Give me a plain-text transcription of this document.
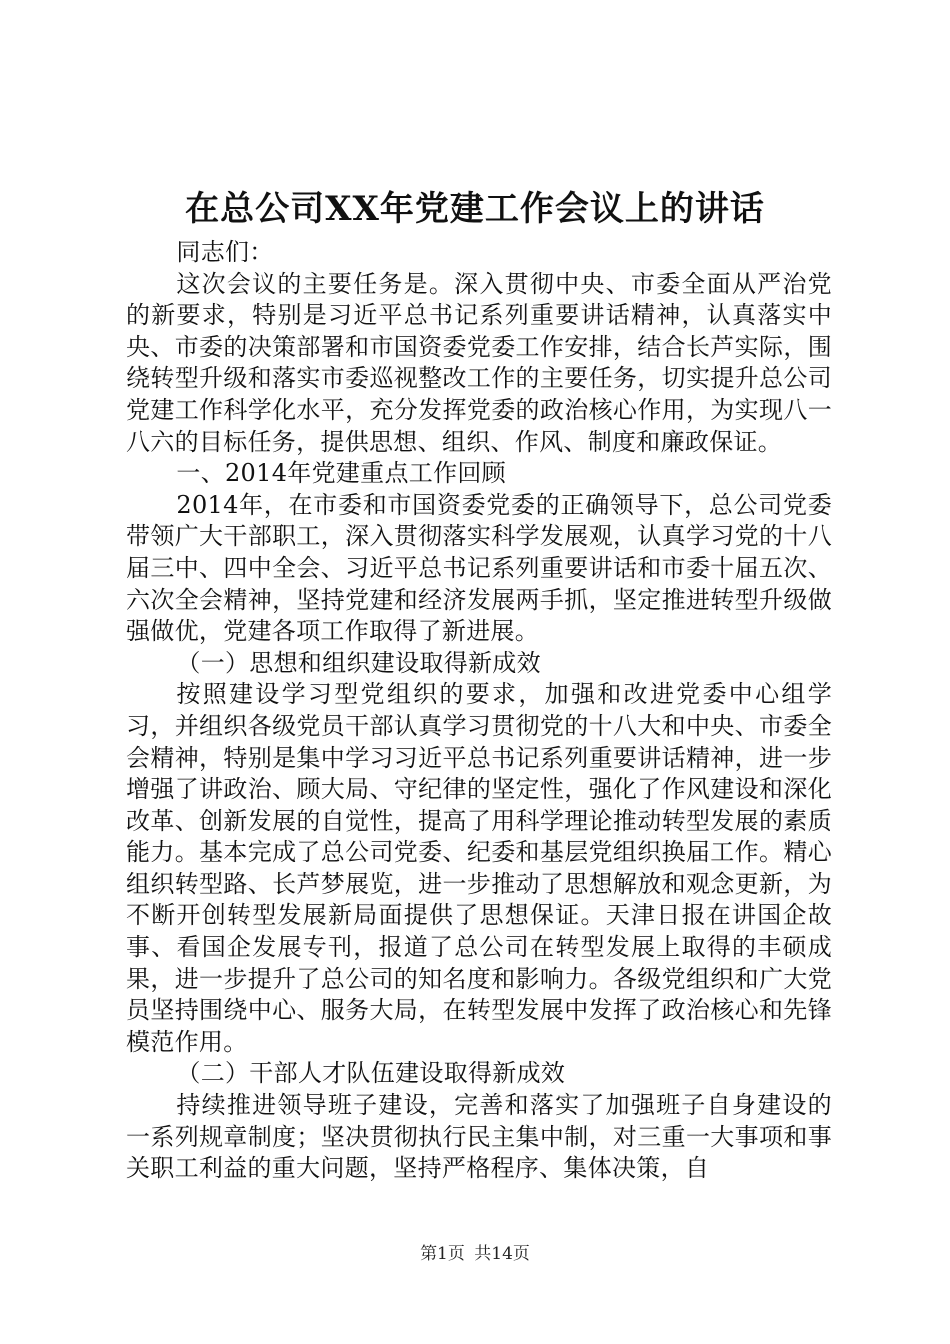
在总公司XX年党建工作会议上的讲话

同志们：

这次会议的主要任务是。深入贯彻中央、市委全面从严治党的新要求，特别是习近平总书记系列重要讲话精神，认真落实中央、市委的决策部署和市国资委党委工作安排，结合长芦实际，围绕转型升级和落实市委巡视整改工作的主要任务，切实提升总公司党建工作科学化水平，充分发挥党委的政治核心作用，为实现八一八六的目标任务，提供思想、组织、作风、制度和廉政保证。

一、2014年党建重点工作回顾

2014年，在市委和市国资委党委的正确领导下，总公司党委带领广大干部职工，深入贯彻落实科学发展观，认真学习党的十八届三中、四中全会、习近平总书记系列重要讲话和市委十届五次、六次全会精神，坚持党建和经济发展两手抓，坚定推进转型升级做强做优，党建各项工作取得了新进展。

（一）思想和组织建设取得新成效

按照建设学习型党组织的要求，加强和改进党委中心组学习，并组织各级党员干部认真学习贯彻党的十八大和中央、市委全会精神，特别是集中学习习近平总书记系列重要讲话精神，进一步增强了讲政治、顾大局、守纪律的坚定性，强化了作风建设和深化改革、创新发展的自觉性，提高了用科学理论推动转型发展的素质能力。基本完成了总公司党委、纪委和基层党组织换届工作。精心组织转型路、长芦梦展览，进一步推动了思想解放和观念更新，为不断开创转型发展新局面提供了思想保证。天津日报在讲国企故事、看国企发展专刊，报道了总公司在转型发展上取得的丰硕成果，进一步提升了总公司的知名度和影响力。各级党组织和广大党员坚持围绕中心、服务大局，在转型发展中发挥了政治核心和先锋模范作用。

（二）干部人才队伍建设取得新成效

持续推进领导班子建设，完善和落实了加强班子自身建设的一系列规章制度；坚决贯彻执行民主集中制，对三重一大事项和事关职工利益的重大问题，坚持严格程序、集体决策，自

第1页 共14页
